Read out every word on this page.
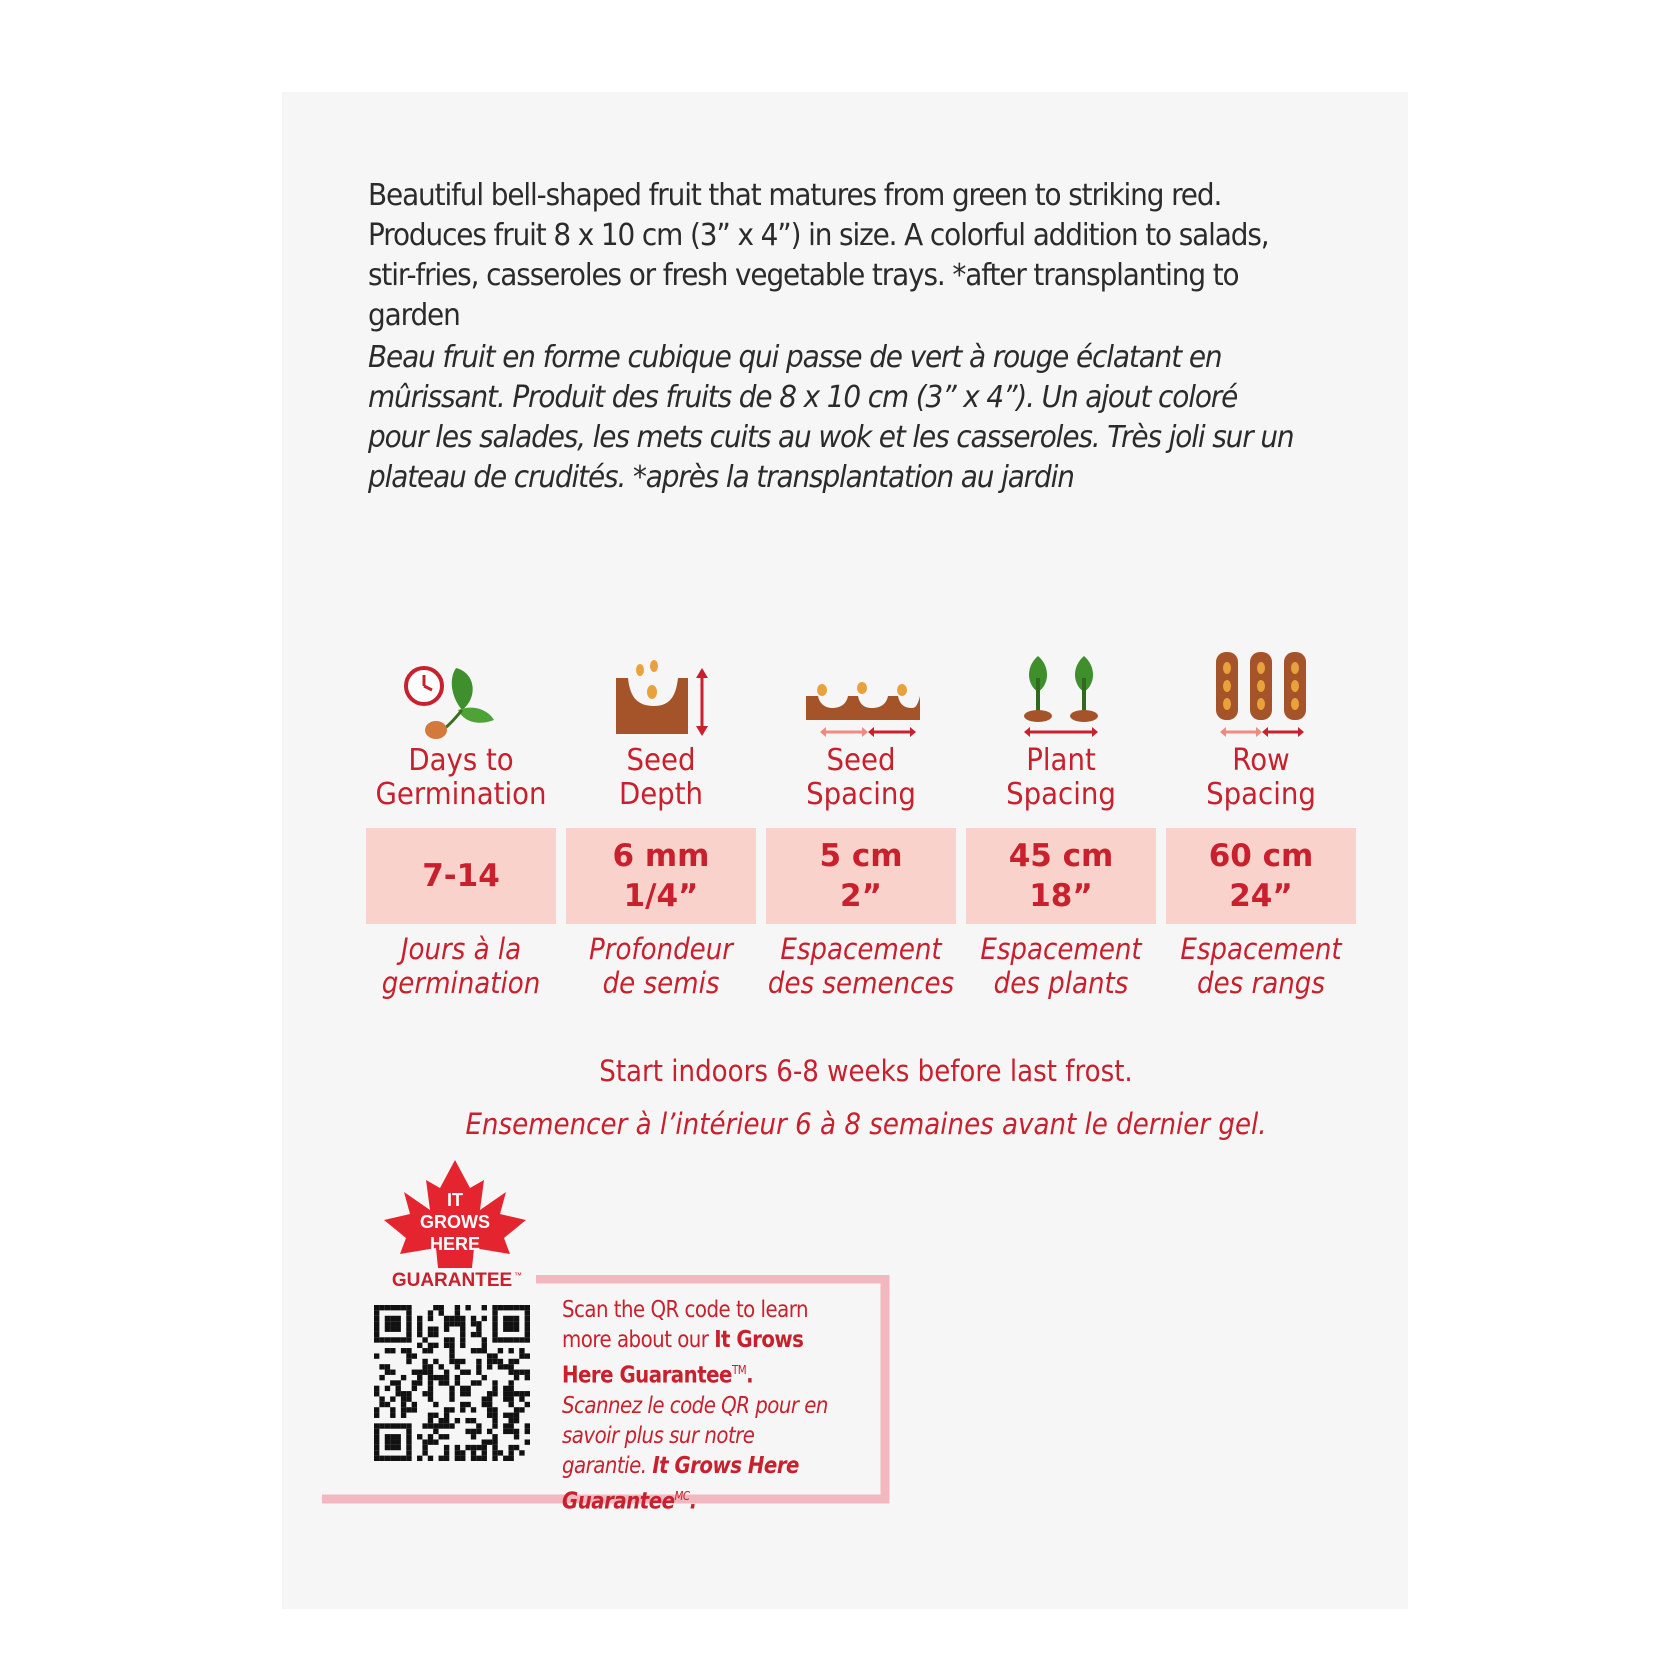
Beautiful bell-shaped fruit that matures from green to striking red. Produces fruit 8 x 10 cm (3” x 4”) in size. A colorful addition to salads, stir-fries, casseroles or fresh vegetable trays. *after transplanting to garden
Beau fruit en forme cubique qui passe de vert à rouge éclatant en mûrissant. Produit des fruits de 8 x 10 cm (3” x 4”). Un ajout coloré pour les salades, les mets cuits au wok et les casseroles. Très joli sur un plateau de crudités. *après la transplantation au jardin
Days to
Germination
7-14
Jours à la
germination
Seed
Depth
6 mm
1/4”
Profondeur
de semis
Seed
Spacing
5 cm
2”
Espacement
des semences
Plant
Spacing
45 cm
18”
Espacement
des plants
Row
Spacing
60 cm
24”
Espacement
des rangs
Start indoors 6-8 weeks before last frost.
Ensemencer à l’intérieur 6 à 8 semaines avant le dernier gel.
IT
GROWS
HERE
GUARANTEE ™
Scan the QR code to learn more about our It Grows Here Guarantee™.
Scannez le code QR pour en savoir plus sur notre garantie. It Grows Here Guarantee$^{MC}$.
